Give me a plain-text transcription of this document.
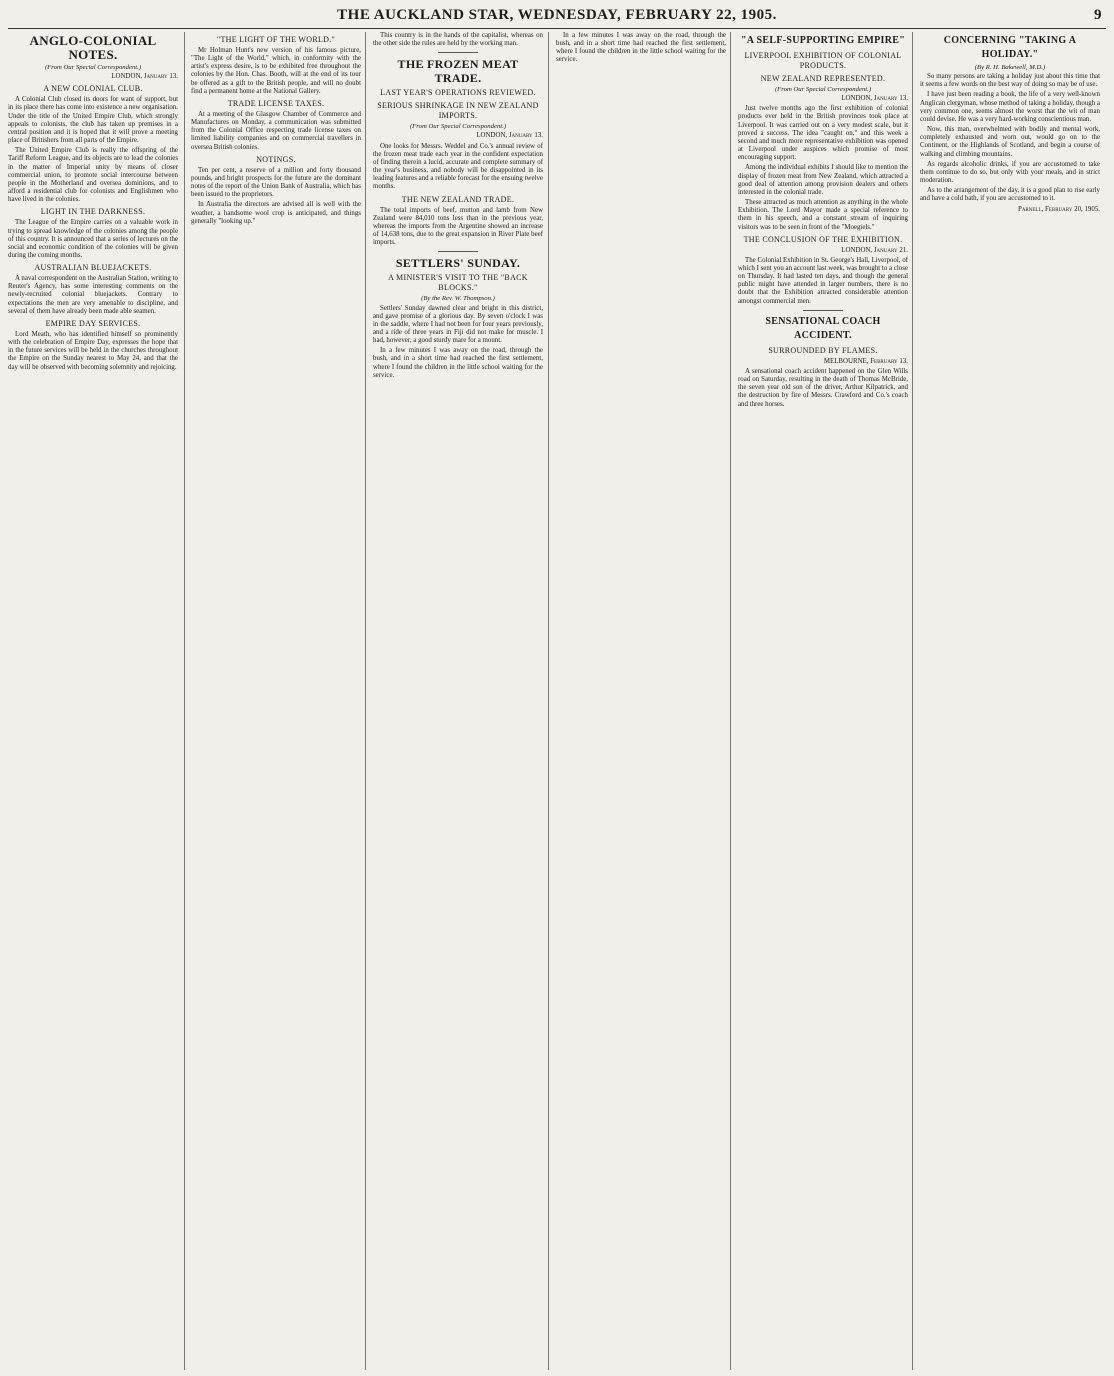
THE AUCKLAND STAR, WEDNESDAY, FEBRUARY 22, 1905.	9
ANGLO-COLONIAL NOTES.
(From Our Special Correspondent.)
LONDON, January 13.
A NEW COLONIAL CLUB.

A Colonial Club closed its doors for want of support, but in its place there has come into existence a new organisation. Under the title of the United Empire Club, which strongly appeals to colonists, the club has taken up premises in a central position and it is hoped that it will prove a meeting place of Britishers from all parts of the Empire.

The United Empire Club is really the offspring of the Tariff Reform League, and its objects are to lead the colonies in the matter of Imperial unity by means of closer commercial union, to promote social intercourse between people in the Motherland and oversea dominions, and to afford a residential club for colonists and Englishmen who have lived in the colonies.

LIGHT IN THE DARKNESS.

The League of the Empire carries on a valuable work in trying to spread knowledge of the colonies among the people of this country. It is announced that a series of lectures on the social and economic condition of the colonies will be given during the coming months.

AUSTRALIAN BLUEJACKETS.

A naval correspondent on the Australian Station, writing to Reuter's Agency, has some interesting comments on the newly-recruited colonial bluejackets. Contrary to expectations the men are very amenable to discipline, and several of them have already been made able seamen.

EMPIRE DAY SERVICES.

Lord Meath, who has identified himself so prominently with the celebration of Empire Day, expresses the hope that in the future services will be held in the churches throughout the Empire on the Sunday nearest to May 24, and that the day will be observed with becoming solemnity and rejoicing.

"THE LIGHT OF THE WORLD."

Mr Holman Hunt's new version of his famous picture, "The Light of the World," which, in conformity with the artist's express desire, is to be exhibited free throughout the colonies by the Hon. Chas. Booth, will at the end of its tour be offered as a gift to the British people, and will no doubt find a permanent home at the National Gallery.

TRADE LICENSE TAXES.

At a meeting of the Glasgow Chamber of Commerce and Manufactures on Monday, a communication was submitted from the Colonial Office respecting trade license taxes on limited liability companies and on commercial travellers in oversea British colonies.

NOTINGS.

Ten per cent, a reserve of a million and forty thousand pounds, and bright prospects for the future are the dominant notes of the report of the Union Bank of Australia, which has been issued to the proprietors.

In Australia the directors are advised all is well with the weather, a handsome wool crop is anticipated, and things generally "looking up."

This country is in the hands of the capitalist, whereas on the other side the rules are held by the working man.

THE FROZEN MEAT TRADE.
LAST YEAR'S OPERATIONS REVIEWED.
SERIOUS SHRINKAGE IN NEW ZEALAND IMPORTS.
(From Our Special Correspondent.)
LONDON, January 13.

One looks for Messrs. Weddel and Co.'s annual review of the frozen meat trade each year in the confident expectation of finding therein a lucid, accurate and complete summary of the year's business, and nobody will be disappointed in its leading features and a reliable forecast for the ensuing twelve months.

THE NEW ZEALAND TRADE.

The total imports of beef, mutton and lamb from New Zealand were 84,010 tons less than in the previous year, whereas the imports from the Argentine showed an increase of 14,638 tons, due to the great expansion in River Plate beef imports.

SETTLERS' SUNDAY.
A MINISTER'S VISIT TO THE "BACK BLOCKS."
(By the Rev. W. Thompson.)

Settlers' Sunday dawned clear and bright in this district, and gave promise of a glorious day. By seven o'clock I was in the saddle, where I had not been for four years previously, and a ride of three years in Fiji did not make for muscle. I had, however, a good sturdy mare for a mount.

In a few minutes I was away on the road, through the bush, and in a short time had reached the first settlement, where I found the children in the little school waiting for the service.

In a few minutes I was away on the road, through the bush, and in a short time had reached the first settlement, where I found the children in the little school waiting for the service.

"A SELF-SUPPORTING EMPIRE"
LIVERPOOL EXHIBITION OF COLONIAL PRODUCTS.
NEW ZEALAND REPRESENTED.
(From Our Special Correspondent.)
LONDON, January 13.

Just twelve months ago the first exhibition of colonial products ever held in the British provinces took place at Liverpool. It was carried out on a very modest scale, but it proved a success. The idea "caught on," and this week a second and much more representative exhibition was opened at Liverpool under auspices which promise of most encouraging support.

Among the individual exhibits I should like to mention the display of frozen meat from New Zealand, which attracted a good deal of attention among provision dealers and others interested in the colonial trade.

These attracted as much attention as anything in the whole Exhibition. The Lord Mayor made a special reference to them in his speech, and a constant stream of inquiring visitors was to be seen in front of the "Moegiels."

THE CONCLUSION OF THE EXHIBITION.
LONDON, January 21.

The Colonial Exhibition in St. George's Hall, Liverpool, of which I sent you an account last week, was brought to a close on Thursday. It had lasted ten days, and though the general public might have attended in larger numbers, there is no doubt that the Exhibition attracted considerable attention amongst commercial men.

SENSATIONAL COACH ACCIDENT.
SURROUNDED BY FLAMES.
MELBOURNE, February 13.

A sensational coach accident happened on the Glen Wills road on Saturday, resulting in the death of Thomas McBride, the seven year old son of the driver, Arthur Kilpatrick, and the destruction by fire of Messrs. Crawford and Co.'s coach and three horses.

CONCERNING "TAKING A HOLIDAY."
(By R. H. Bakewell, M.D.)

So many persons are taking a holiday just about this time that it seems a few words on the best way of doing so may be of use.

I have just been reading a book, the life of a very well-known Anglican clergyman, whose method of taking a holiday, though a very common one, seems almost the worst that the wit of man could devise. He was a very hard-working conscientious man.

Now, this man, overwhelmed with bodily and mental work, completely exhausted and worn out, would go on to the Continent, or the Highlands of Scotland, and begin a course of walking and climbing mountains.

As regards alcoholic drinks, if you are accustomed to take them continue to do so, but only with your meals, and in strict moderation.

As to the arrangement of the day, it is a good plan to rise early and have a cold bath, if you are accustomed to it.

Parnell, February 20, 1905.
